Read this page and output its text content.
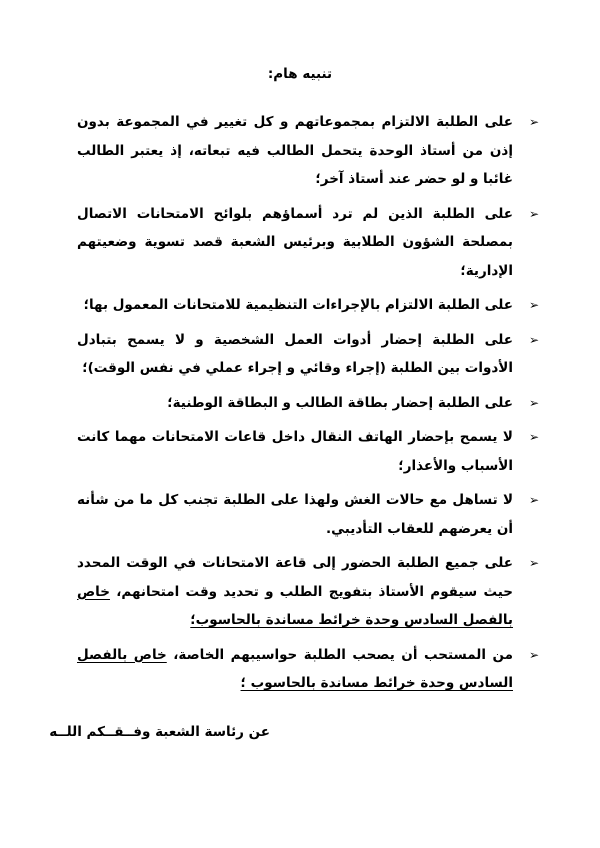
تنبيه هام:
➢
على الطلبة الالتزام بمجموعاتهم و كل تغيير في المجموعة بدون إذن من أستاذ الوحدة يتحمل الطالب فيه تبعاته، إذ يعتبر الطالب غائبا و لو حضر عند أستاذ آخر؛
➢
على الطلبة الذين لم ترد أسماؤهم بلوائح الامتحانات الاتصال بمصلحة الشؤون الطلابية وبرئيس الشعبة قصد تسوية وضعيتهم الإدارية؛
➢
على الطلبة الالتزام بالإجراءات التنظيمية للامتحانات المعمول بها؛
➢
على الطلبة إحضار أدوات العمل الشخصية و لا يسمح بتبادل الأدوات بين الطلبة (إجراء وقائي و إجراء عملي في نفس الوقت)؛
➢
على الطلبة إحضار بطاقة الطالب و البطاقة الوطنية؛
➢
لا يسمح بإحضار الهاتف النقال داخل قاعات الامتحانات مهما كانت الأسباب والأعذار؛
➢
لا تساهل مع حالات الغش ولهذا على الطلبة تجنب كل ما من شأنه أن يعرضهم للعقاب التأديبي.
➢
على جميع الطلبة الحضور إلى قاعة الامتحانات في الوقت المحدد حيث سيقوم الأستاذ بتفويج الطلب و تحديد وقت امتحانهم، خاص بالفصل السادس وحدة خرائط مساندة بالحاسوب؛
➢
من المستحب أن يصحب الطلبة حواسيبهم الخاصة، خاص بالفصل السادس وحدة خرائط مساندة بالحاسوب ؛
عن رئاسة الشعبة وفــقــكم اللــه
